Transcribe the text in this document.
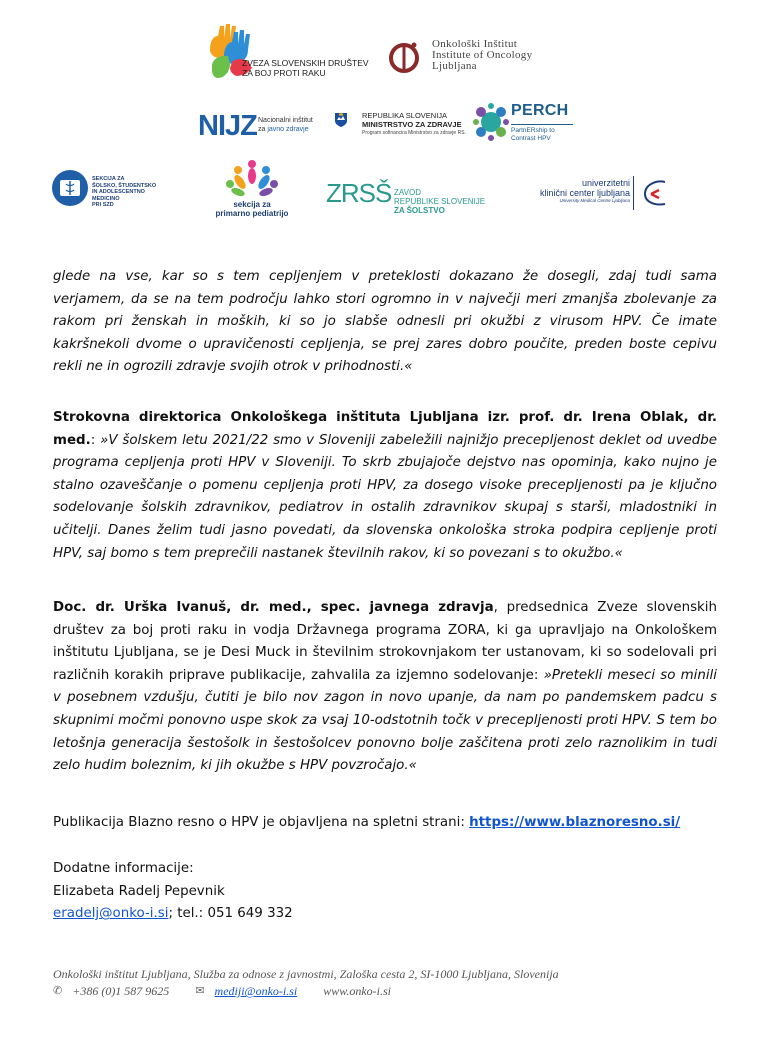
ZVEZA SLOVENSKIH DRUŠTEV
ZA BOJ PROTI RAKU
Onkološki Inštitut
Institute of Oncology
Ljubljana
NIJZ Nacionalni inštitut
za javno zdravje
REPUBLIKA SLOVENIJA
MINISTRSTVO ZA ZDRAVJE
Program sofinancira Ministrstvo za zdravje RS.
PERCH
PartnERship to
Contrast HPV
SEKCIJA ZA
ŠOLSKO, ŠTUDENTSKO
IN ADOLESCENTNO
MEDICINO
PRI SZD	sekcija za
primarno pediatrijo
ZRSŠ ZAVOD
REPUBLIKE SLOVENIJE
ZA ŠOLSTVO
univerzitetni
klinični center ljubljana
University Medical Centre Ljubljana

glede na vse, kar so s tem cepljenjem v preteklosti dokazano že dosegli, zdaj tudi sama verjamem, da se na tem področju lahko stori ogromno in v največji meri zmanjša zbolevanje za rakom pri ženskah in moških, ki so jo slabše odnesli pri okužbi z virusom HPV. Če imate kakršnekoli dvome o upravičenosti cepljenja, se prej zares dobro poučite, preden boste cepivu rekli ne in ogrozili zdravje svojih otrok v prihodnosti.«

Strokovna direktorica Onkološkega inštituta Ljubljana izr. prof. dr. Irena Oblak, dr. med.: »V šolskem letu 2021/22 smo v Sloveniji zabeležili najnižjo precepljenost deklet od uvedbe programa cepljenja proti HPV v Sloveniji. To skrb zbujajoče dejstvo nas opominja, kako nujno je stalno ozaveščanje o pomenu cepljenja proti HPV, za dosego visoke precepljenosti pa je ključno sodelovanje šolskih zdravnikov, pediatrov in ostalih zdravnikov skupaj s starši, mladostniki in učitelji. Danes želim tudi jasno povedati, da slovenska onkološka stroka podpira cepljenje proti HPV, saj bomo s tem preprečili nastanek številnih rakov, ki so povezani s to okužbo.«

Doc. dr. Urška Ivanuš, dr. med., spec. javnega zdravja, predsednica Zveze slovenskih društev za boj proti raku in vodja Državnega programa ZORA, ki ga upravljajo na Onkološkem inštitutu Ljubljana, se je Desi Muck in številnim strokovnjakom ter ustanovam, ki so sodelovali pri različnih korakih priprave publikacije, zahvalila za izjemno sodelovanje: »Pretekli meseci so minili v posebnem vzdušju, čutiti je bilo nov zagon in novo upanje, da nam po pandemskem padcu s skupnimi močmi ponovno uspe skok za vsaj 10-odstotnih točk v precepljenosti proti HPV. S tem bo letošnja generacija šestošolk in šestošolcev ponovno bolje zaščitena proti zelo raznolikim in tudi zelo hudim boleznim, ki jih okužbe s HPV povzročajo.«

Publikacija Blazno resno o HPV je objavljena na spletni strani: https://www.blaznoresno.si/

Dodatne informacije:
Elizabeta Radelj Pepevnik
eradelj@onko-i.si; tel.: 051 649 332
Onkološki inštitut Ljubljana, Služba za odnose z javnostmi, Zaloška cesta 2, SI-1000 Ljubljana, Slovenija
✆ +386 (0)1 587 9625 ✉ mediji@onko-i.si www.onko-i.si
